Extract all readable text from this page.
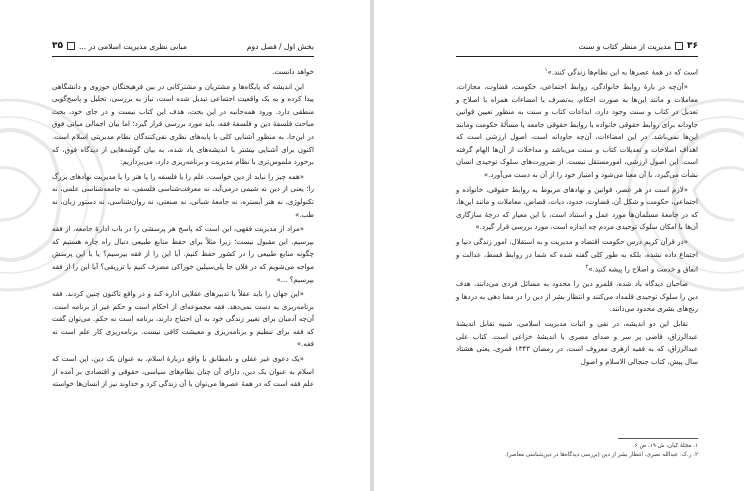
بخش اول / فصل دوم
مبانی نظری مدیریت اسلامی در ...
۳۵

خواهد دانست.

این اندیشه که پایگاه‌ها و مشتریان و مشترکانی در بین فرهیختگان حوزوی و دانشگاهی پیدا کرده و به یک واقعیت اجتماعی تبدیل شده است، نیاز به بررسی، تحلیل و پاسخ‌گویی منطقی دارد. ورود همه‌جانبه در این بحث، هدف این کتاب نیست و در جای خود، بحث مباحث فلسفهٔ دین و فلسفهٔ فقه، باید مورد بررسی قرار گیرد؛ اما بیان اجمالی مبانی فوق در این‌جا، به منظور آشنایی کلی با پایه‌های نظری نفی‌کنندگان نظام مدیریتی اسلام است. اکنون برای آشنایی بیشتر با اندیشه‌های یاد شده، به بیان گوشه‌هایی از دیدگاه فوق، که برخورد ملموس‌تری با نظام مدیریت و برنامه‌ریزی دارد، می‌پردازیم:

«همه چیز را نباید از دین خواست، علم را یا فلسفه را یا هنر را یا مدیریت نهادهای بزرگ را؛ یعنی از دین نه شیمی درمی‌آید، نه معرفت‌شناسی فلسفی، نه جامعه‌شناسی علمی، نه تکنولوژی، نه هنر آبستره، نه جامعهٔ شبانی، نه صنعتی، نه روان‌شناسی، نه دستور زبان، نه طب.»

«مراد از مدیریت فقهی، این است که پاسخ هر پرسشی را در باب ادارهٔ جامعه، از فقه بپرسیم. این مقبول نیست؛ زیرا مثلاً برای حفظ منابع طبیعی دنبال راه چاره هستیم که چگونه منابع طبیعی را در کشور حفظ کنیم. آیا این را از فقه بپرسیم؟ یا با این پرسش مواجه می‌شویم که در فلان جا پلی‌سیلین خوراکی مصرف کنیم یا تزریقی؟ آیا این را از فقه بپرسیم؟ ...»

«این جهان را باید عقلاً با تدبیرهای عقلایی اداره کند و در واقع تاکنون چنین کردند. فقه برنامه‌ریزی به دست نمی‌دهد. فقه مجموعه‌ای از احکام است و حکم غیر از برنامه است. آن‌چه آدمیان برای تغییر زندگی خود به آن احتیاج دارند، برنامه است نه حکم. می‌توان گفت که فقه برای تنظیم و برنامه‌ریزی و معیشت کافی نیست. برنامه‌ریزی کار علم است نه فقه.»

«یک دعوی غیر عقلی و نامطابق با واقع دربارهٔ اسلام، به عنوان یک دین، این است که اسلام به عنوان یک دین، دارای آن چنان نظام‌های سیاسی، حقوقی و اقتصادی بر آمده از علم فقه است که در همهٔ عصرها می‌توان با آن زندگی کرد و خداوند نیز از انسان‌ها خواسته

۳۶
مدیریت از منظر کتاب و سنت

است که در همهٔ عصرها به این نظام‌ها زندگی کنند.»$^۱$

«آن‌چه در بارهٔ روابط خانوادگی، روابط اجتماعی، حکومت، قضاوت، مجازات، معاملات و مانند این‌ها به صورت احکام، به‌تصرف یا امضاءات همراه با اصلاح و تعدیل در کتاب و سنت وجود دارد، ابداعات کتاب و سنت به منظور تعیین قوانین جاودانه برای روابط حقوقی خانواده یا روابط حقوقی جامعه یا مسألهٔ حکومت ومانند این‌ها نمی‌باشد. در این امضاءات، آن‌چه جاودانه است، اصول ارزشی است که اهداف اصلاحات و تعدیلات کتاب و سنت می‌باشد و مداخلات از آن‌ها الهام گرفته است. این اصول ارزشی، امورمستقل نیست. از ضرورت‌های سلوک توحیدی انسان نشأت می‌گیرد، با آن معنا می‌شود و امتیاز خود را از آن به دست می‌آورد.»

«لازم است در هر عصر، قوانین و نهادهای مربوط به روابط حقوقی، خانواده و اجتماعی، حکومت و شکل آن، قضاوت، حدود، دیات، قصاص، معاملات و مانند این‌ها، که در جامعهٔ مسلمان‌ها مورد عمل و استناد است، با این معیار که درجهٔ سازگاری آن‌ها با امکان سلوک توحیدی مردم چه اندازه است، مورد بررسی قرار گیرد.»

«در قرآن کریم درس حکومت اقتصاد و مدیریت و به استقلال، امور زندگی دنیا و اجتماع داده نشده، بلکه به طور کلی گفته شده که شما در روابط قسط، عدالت و انفاق و خدمت و اصلاح را پیشه کنید.»$^۲$

صاحبان دیدگاه یاد شده، قلمرو دین را محدود به مسائل فردی می‌دانند، هدف دین را سلوک توحیدی قلمداد می‌کنند و انتظار بشر از دین را در معنا دهی به دردها و رنج‌های بشری محدود می‌دانند.

تقابل این دو اندیشه، در نفی و اثبات مدیریت اسلامی، شبیه تقابل اندیشهٔ عبدالرزاق، قاضی پر سر و صدای مصری با اندیشهٔ خزاعی است. کتاب علی عبدالرزاق، که به فقیه ازهری معروف است، در رمضان ۱۳۴۳ قمری، یعنی هشتاد سال پیش، کتاب جنجالی الاسلام و اصول

۱. مجلهٔ کیان، ش ۱۹، ص ۶.
۲. ر.ک: عبدالله نصری، انتظار بشر از دین (بررسی دیدگاه‌ها در دین‌شناسی معاصر).
